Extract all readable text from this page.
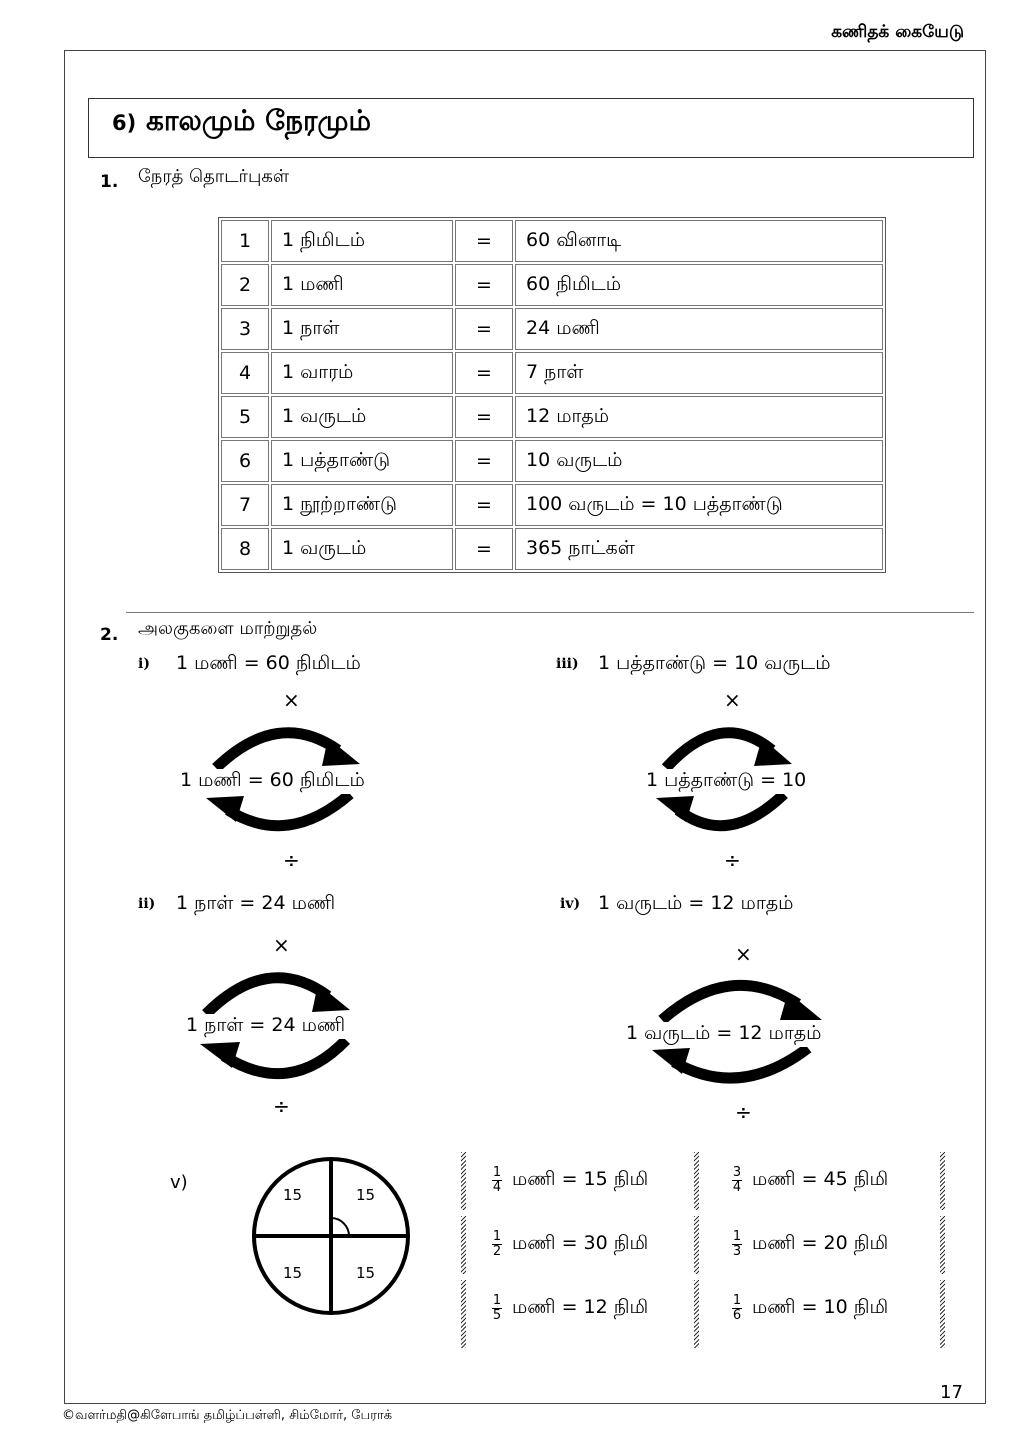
கணிதக் கையேடு
6) காலமும் நேரமும்
1. நேரத் தொடர்புகள்
1	1 நிமிடம்	=	60 வினாடி
2	1 மணி	=	60 நிமிடம்
3	1 நாள்	=	24 மணி
4	1 வாரம்	=	7 நாள்
5	1 வருடம்	=	12 மாதம்
6	1 பத்தாண்டு	=	10 வருடம்
7	1 நூற்றாண்டு	=	100 வருடம் = 10 பத்தாண்டு
8	1 வருடம்	=	365 நாட்கள்
2. அலகுகளை மாற்றுதல்
i) 1 மணி = 60 நிமிடம்
×
1 மணி = 60 நிமிடம்
÷
iii) 1 பத்தாண்டு = 10 வருடம்
×
1 பத்தாண்டு = 10
÷
ii) 1 நாள் = 24 மணி
×
1 நாள் = 24 மணி
÷
iv) 1 வருடம் = 12 மாதம்
×
1 வருடம் = 12 மாதம்
÷
v)
15	15
15	15
$\frac{1}{4}$ மணி = 15 நிமி	$\frac{3}{4}$ மணி = 45 நிமி
$\frac{1}{2}$ மணி = 30 நிமி	$\frac{1}{3}$ மணி = 20 நிமி
$\frac{1}{5}$ மணி = 12 நிமி	$\frac{1}{6}$ மணி = 10 நிமி
17
©வளர்மதி@கிளேபாங் தமிழ்ப்பள்ளி, சிம்மோர், பேராக்
